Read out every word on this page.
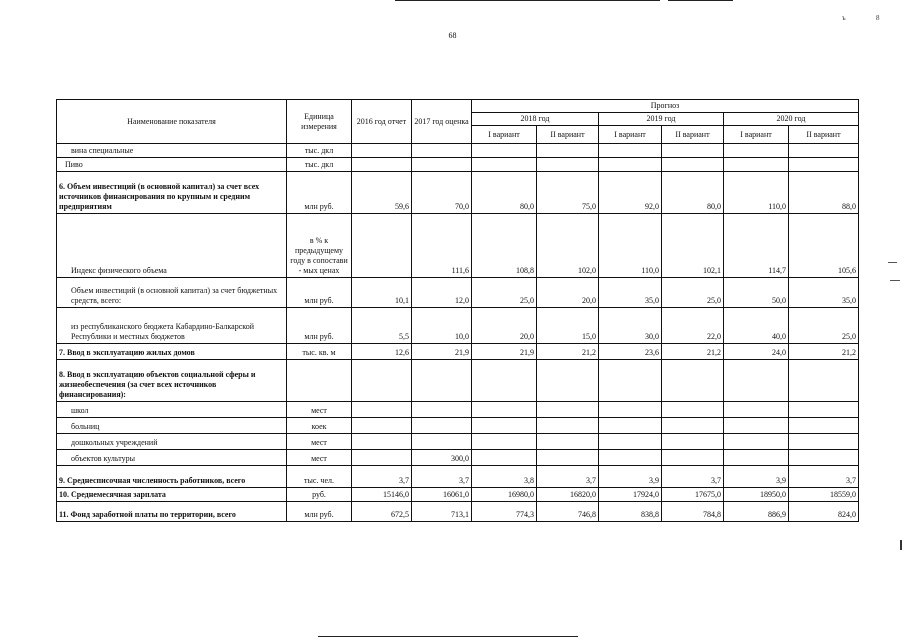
ъ	8
68
Наименование показателя	Единица измерения	2016 год отчет	2017 год оценка	Прогноз					
				2018 год		2019 год		2020 год	
				I вариант	II вариант	I вариант	II вариант	I вариант	II вариант
вина специальные	тыс. дкл								
Пиво	тыс. дкл								
6. Объем инвестиций (в основной капитал) за счет всех источников финансирования по крупным и средним предприятиям	млн руб.	59,6	70,0	80,0	75,0	92,0	80,0	110,0	88,0
Индекс физического объема	в % к предыдущему году в сопостави - мых ценах		111,6	108,8	102,0	110,0	102,1	114,7	105,6
Объем инвестиций (в основной капитал) за счет бюджетных средств, всего:	млн руб.	10,1	12,0	25,0	20,0	35,0	25,0	50,0	35,0
из республиканского бюджета Кабардино-Балкарской Республики и местных бюджетов	млн руб.	5,5	10,0	20,0	15,0	30,0	22,0	40,0	25,0
7. Ввод в эксплуатацию жилых домов	тыс. кв. м	12,6	21,9	21,9	21,2	23,6	21,2	24,0	21,2
8. Ввод в эксплуатацию объектов социальной сферы и жизнеобеспечения (за счет всех источников финансирования):									
школ	мест								
больниц	коек								
дошкольных учреждений	мест								
объектов культуры	мест		300,0						
9. Среднесписочная численность работников, всего	тыс. чел.	3,7	3,7	3,8	3,7	3,9	3,7	3,9	3,7
10. Среднемесячная зарплата	руб.	15146,0	16061,0	16980,0	16820,0	17924,0	17675,0	18950,0	18559,0
11. Фонд заработной платы по территории, всего	млн руб.	672,5	713,1	774,3	746,8	838,8	784,8	886,9	824,0
